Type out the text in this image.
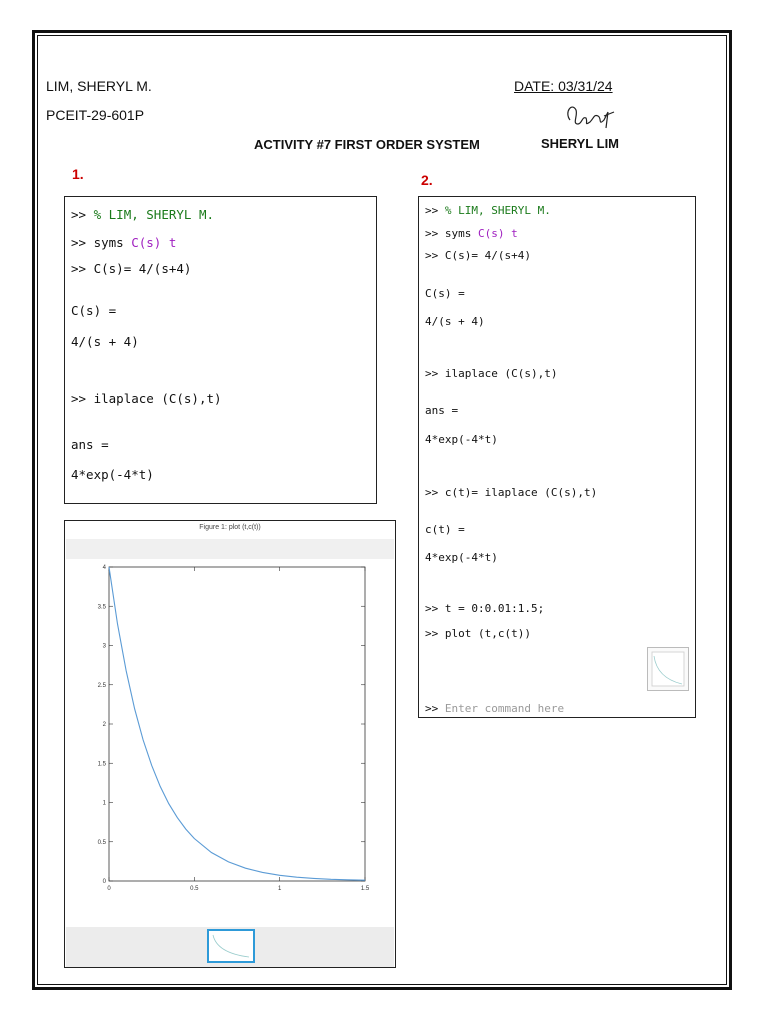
LIM, SHERYL M.
PCEIT-29-601P
DATE: 03/31/24
ACTIVITY #7 FIRST ORDER SYSTEM	SHERYL LIM
1.	2.
>> % LIM, SHERYL M.
>> syms C(s) t
>> C(s)= 4/(s+4)
C(s) =
4/(s + 4)
>> ilaplace (C(s),t)
ans =
4*exp(-4*t)
>> % LIM, SHERYL M.
>> syms C(s) t
>> C(s)= 4/(s+4)
C(s) =
4/(s + 4)
>> ilaplace (C(s),t)
ans =
4*exp(-4*t)
>> c(t)= ilaplace (C(s),t)
c(t) =
4*exp(-4*t)
>> t = 0:0.01:1.5;
>> plot (t,c(t))
>> Enter command here
Figure 1: plot (t,c(t))
0
0.5
1
1.5
2
2.5
3
3.5
4
0	0.5	1	1.5
